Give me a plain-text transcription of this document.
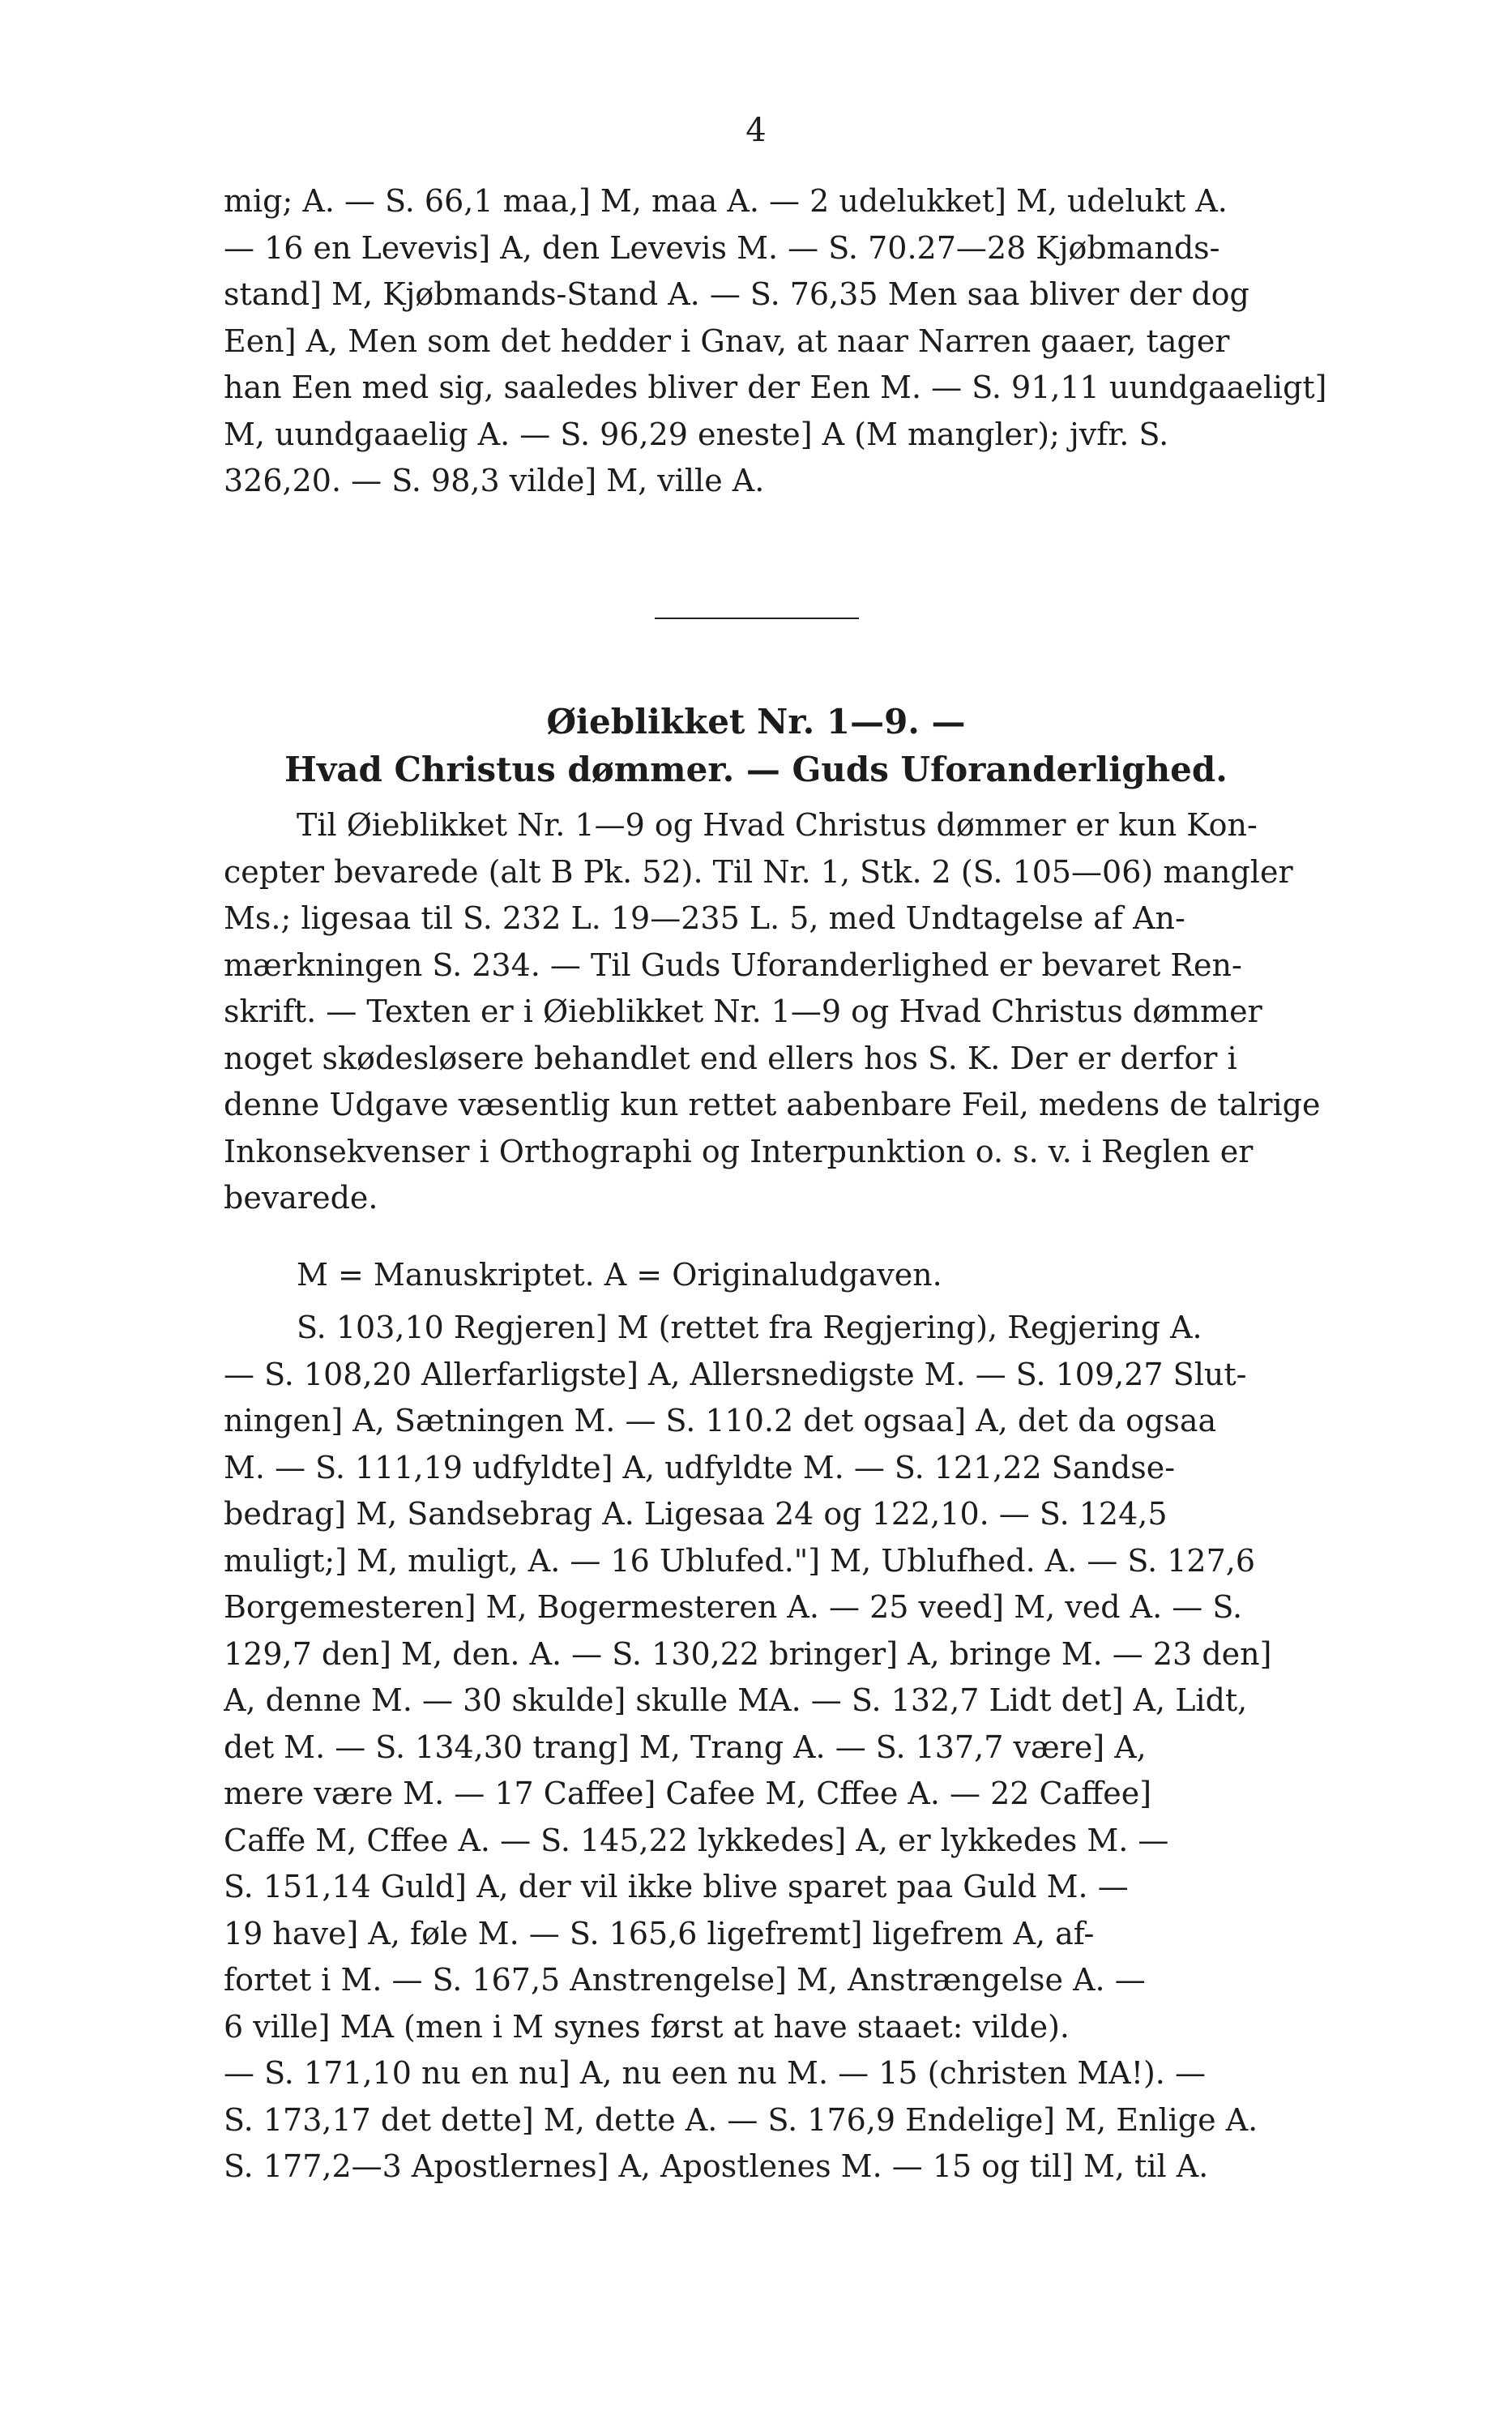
4
mig; A. — S. 66,1 maa,] M, maa A. — 2 udelukket] M, udelukt A.
— 16 en Levevis] A, den Levevis M. — S. 70.27—28 Kjøbmands-
stand] M, Kjøbmands-Stand A. — S. 76,35 Men saa bliver der dog
Een] A, Men som det hedder i Gnav, at naar Narren gaaer, tager
han Een med sig, saaledes bliver der Een M. — S. 91,11 uundgaaeligt]
M, uundgaaelig A. — S. 96,29 eneste] A (M mangler); jvfr. S.
326,20. — S. 98,3 vilde] M, ville A.
Øieblikket Nr. 1—9. —
Hvad Christus dømmer. — Guds Uforanderlighed.
Til Øieblikket Nr. 1—9 og Hvad Christus dømmer er kun Kon-
cepter bevarede (alt B Pk. 52). Til Nr. 1, Stk. 2 (S. 105—06) mangler
Ms.; ligesaa til S. 232 L. 19—235 L. 5, med Undtagelse af An-
mærkningen S. 234. — Til Guds Uforanderlighed er bevaret Ren-
skrift. — Texten er i Øieblikket Nr. 1—9 og Hvad Christus dømmer
noget skødesløsere behandlet end ellers hos S. K. Der er derfor i
denne Udgave væsentlig kun rettet aabenbare Feil, medens de talrige
Inkonsekvenser i Orthographi og Interpunktion o. s. v. i Reglen er
bevarede.
M = Manuskriptet. A = Originaludgaven.
S. 103,10 Regjeren] M (rettet fra Regjering), Regjering A.
— S. 108,20 Allerfarligste] A, Allersnedigste M. — S. 109,27 Slut-
ningen] A, Sætningen M. — S. 110.2 det ogsaa] A, det da ogsaa
M. — S. 111,19 udfyldte] A, udfyldte M. — S. 121,22 Sandse-
bedrag] M, Sandsebrag A. Ligesaa 24 og 122,10. — S. 124,5
muligt;] M, muligt, A. — 16 Ublufed."] M, Ublufhed. A. — S. 127,6
Borgemesteren] M, Bogermesteren A. — 25 veed] M, ved A. — S.
129,7 den] M, den. A. — S. 130,22 bringer] A, bringe M. — 23 den]
A, denne M. — 30 skulde] skulle MA. — S. 132,7 Lidt det] A, Lidt,
det M. — S. 134,30 trang] M, Trang A. — S. 137,7 være] A,
mere være M. — 17 Caffee] Cafee M, Cffee A. — 22 Caffee]
Caffe M, Cffee A. — S. 145,22 lykkedes] A, er lykkedes M. —
S. 151,14 Guld] A, der vil ikke blive sparet paa Guld M. —
19 have] A, føle M. — S. 165,6 ligefremt] ligefrem A, af-
fortet i M. — S. 167,5 Anstrengelse] M, Anstrængelse A. —
6 ville] MA (men i M synes først at have staaet: vilde).
— S. 171,10 nu en nu] A, nu een nu M. — 15 (christen MA!). —
S. 173,17 det dette] M, dette A. — S. 176,9 Endelige] M, Enlige A.
S. 177,2—3 Apostlernes] A, Apostlenes M. — 15 og til] M, til A.
